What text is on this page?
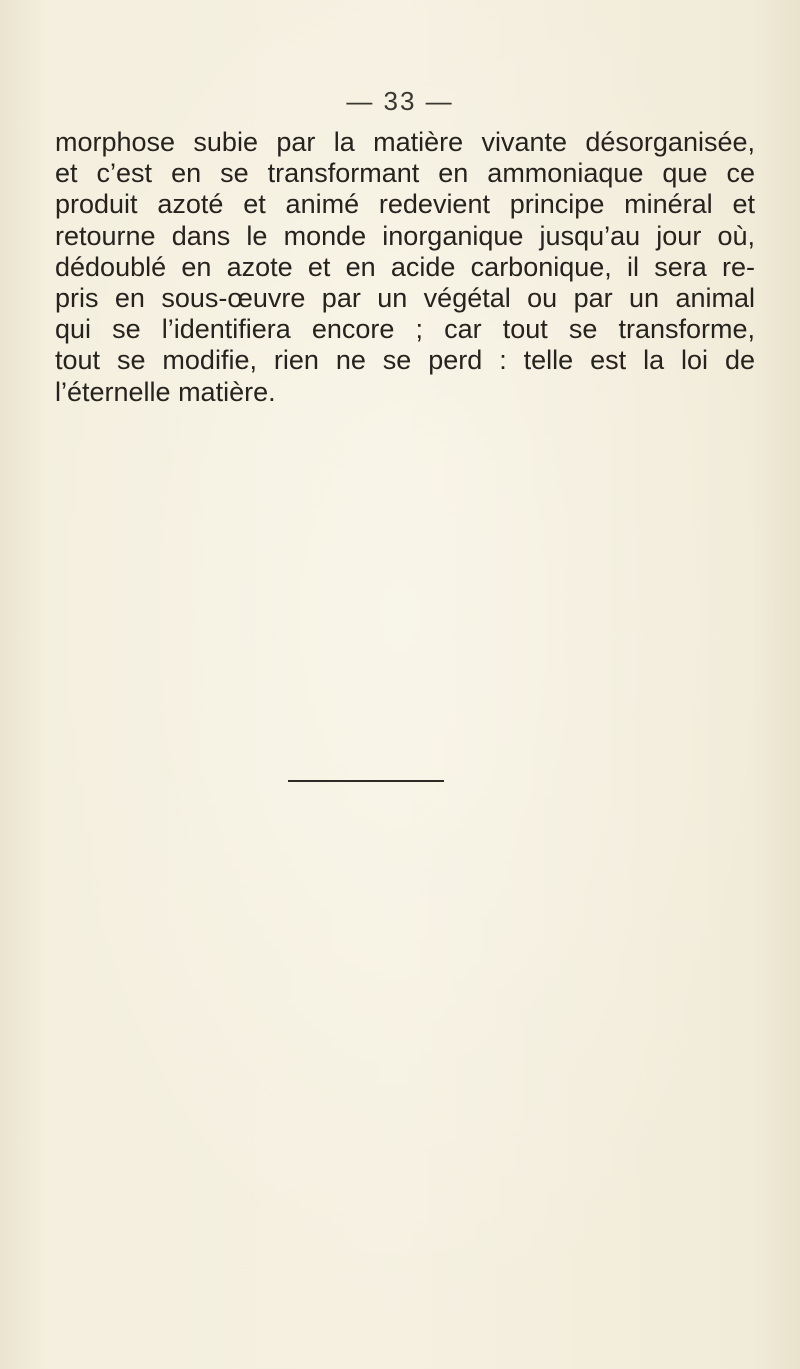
— 33 —
morphose subie par la matière vivante désorganisée,
et c’est en se transformant en ammoniaque que ce
produit azoté et animé redevient principe minéral et
retourne dans le monde inorganique jusqu’au jour où,
dédoublé en azote et en acide carbonique, il sera re-
pris en sous-œuvre par un végétal ou par un animal
qui se l’identifiera encore ; car tout se transforme,
tout se modifie, rien ne se perd : telle est la loi de
l’éternelle matière.
